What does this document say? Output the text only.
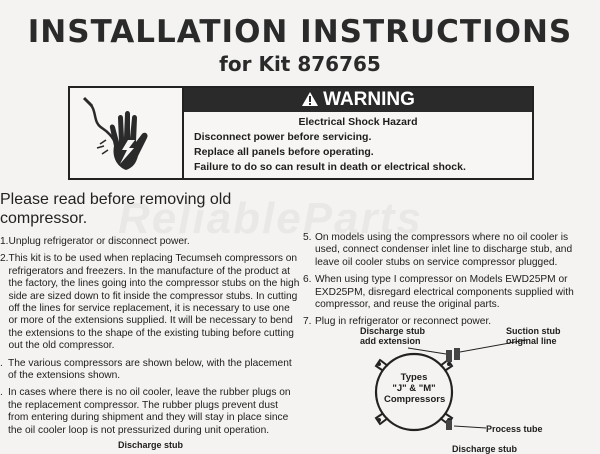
INSTALLATION INSTRUCTIONS
for Kit 876765
WARNING
Electrical Shock Hazard
Disconnect power before servicing.
Replace all panels before operating.
Failure to do so can result in death or electrical shock.
Please read before removing old compressor.
1. Unplug refrigerator or disconnect power.
2. This kit is to be used when replacing Tecumseh compressors on refrigerators and freezers. In the manufacture of the product at the factory, the lines going into the compressor stubs on the high side are sized down to fit inside the compressor stubs. In cutting off the lines for service replacement, it is necessary to use one or more of the extensions supplied. It will be necessary to bend the extensions to the shape of the existing tubing before cutting out the old compressor.
. The various compressors are shown below, with the placement of the extensions shown.
. In cases where there is no oil cooler, leave the rubber plugs on the replacement compressor. The rubber plugs prevent dust from entering during shipment and they will stay in place since the oil cooler loop is not pressurized during unit operation.
5. On models using the compressors where no oil cooler is used, connect condenser inlet line to discharge stub, and leave oil cooler stubs on service compressor plugged.
6. When using type I compressor on Models EWD25PM or EXD25PM, disregard electrical components supplied with compressor, and reuse the original parts.
7. Plug in refrigerator or reconnect power.
Discharge stub
add extension
Suction stub
original line
Types
"J" & "M"
Compressors
Process tube
Discharge stub	Discharge stub
